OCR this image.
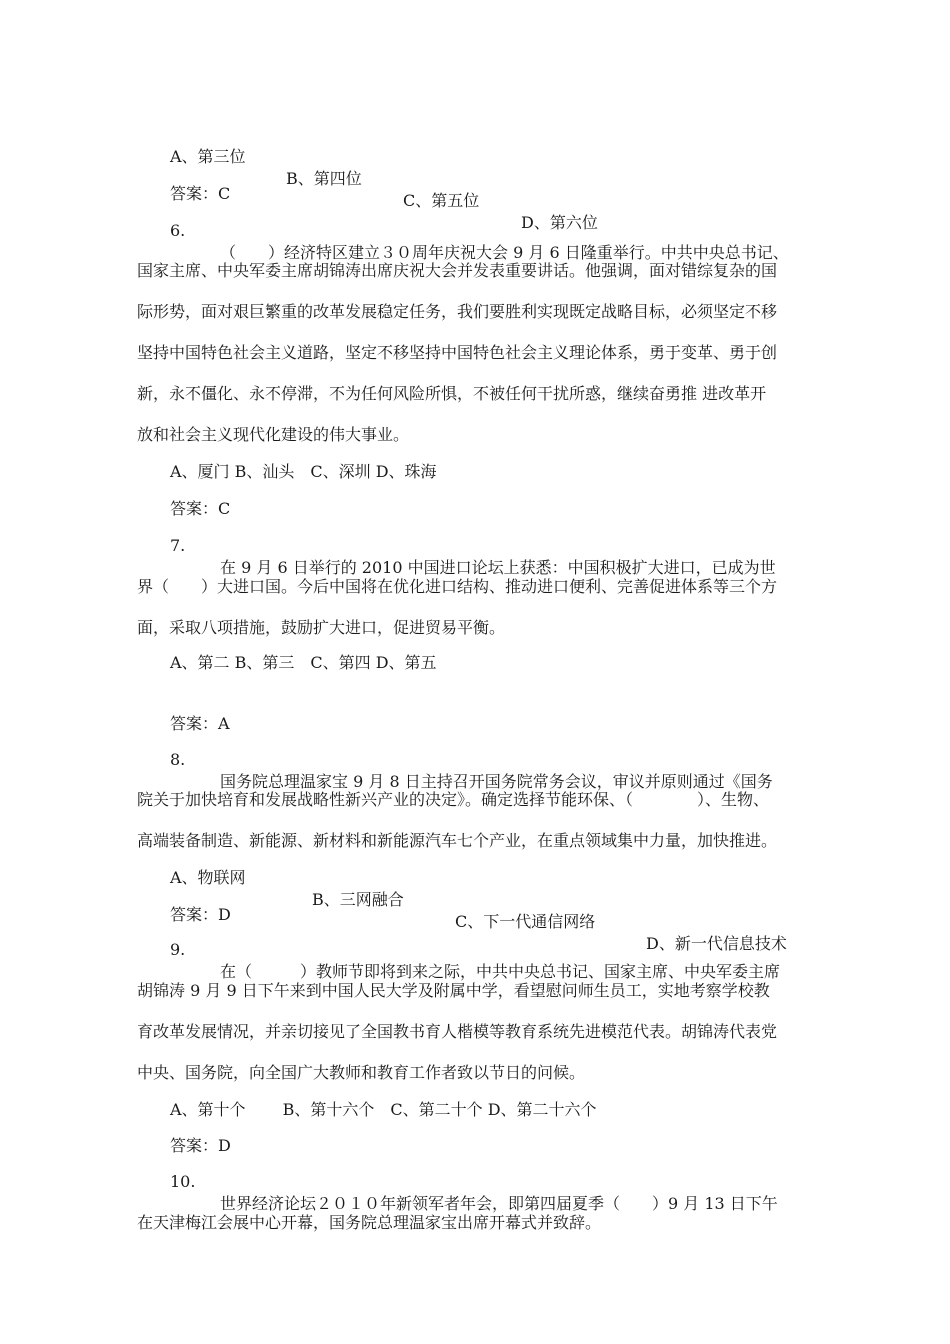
A、第三位

B、第四位

C、第五位

D、第六位

答案：C

6.

（　　）经济特区建立３０周年庆祝大会 9 月 6 日隆重举行。中共中央总书记、

国家主席、中央军委主席胡锦涛出席庆祝大会并发表重要讲话。他强调，面对错综复杂的国

际形势，面对艰巨繁重的改革发展稳定任务，我们要胜利实现既定战略目标，必须坚定不移

坚持中国特色社会主义道路，坚定不移坚持中国特色社会主义理论体系，勇于变革、勇于创

新，永不僵化、永不停滞，不为任何风险所惧，不被任何干扰所惑，继续奋勇推 进改革开

放和社会主义现代化建设的伟大事业。

A、厦门 B、汕头　C、深圳 D、珠海

答案：C

7.

在 9 月 6 日举行的 2010 中国进口论坛上获悉：中国积极扩大进口，已成为世

界（　　）大进口国。今后中国将在优化进口结构、推动进口便利、完善促进体系等三个方

面，采取八项措施，鼓励扩大进口，促进贸易平衡。

A、第二 B、第三　C、第四 D、第五

答案：A

8.

国务院总理温家宝 9 月 8 日主持召开国务院常务会议，审议并原则通过《国务

院关于加快培育和发展战略性新兴产业的决定》。确定选择节能环保、（　　　　）、生物、

高端装备制造、新能源、新材料和新能源汽车七个产业，在重点领域集中力量，加快推进。

A、物联网

B、三网融合

C、下一代通信网络

D、新一代信息技术

答案：D

9.

在（　　　）教师节即将到来之际，中共中央总书记、国家主席、中央军委主席

胡锦涛 9 月 9 日下午来到中国人民大学及附属中学，看望慰问师生员工，实地考察学校教

育改革发展情况，并亲切接见了全国教书育人楷模等教育系统先进模范代表。胡锦涛代表党

中央、国务院，向全国广大教师和教育工作者致以节日的问候。

A、第十个　　 B、第十六个　C、第二十个 D、第二十六个

答案：D

10.

世界经济论坛２０１０年新领军者年会，即第四届夏季（　　）9 月 13 日下午

在天津梅江会展中心开幕，国务院总理温家宝出席开幕式并致辞。
